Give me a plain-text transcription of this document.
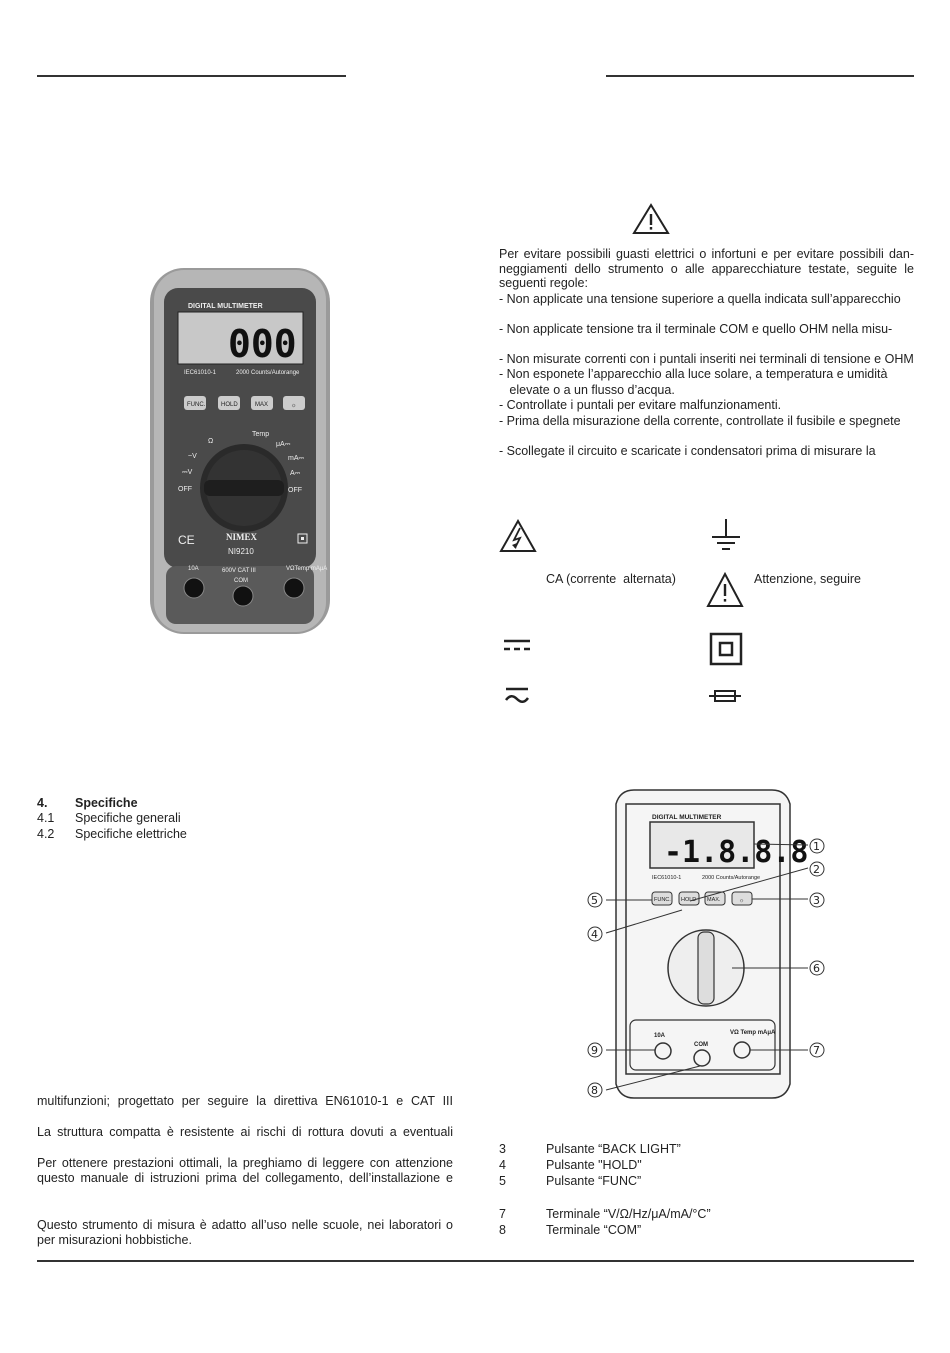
DIGITAL MULTIMETER
000
IEC61010-1	2000 Counts/Autorange
FUNC.	HOLD	MAX	☼
Ω
~V
⎓V
OFF
Temp
μA⎓
mA⎓
A⎓
OFF
CE	NIMEX
NI9210
10A	600V CAT III
COM
VΩTemp mAμA
Per evitare possibili guasti elettrici o infortuni e per evitare possibili dan-
neggiamenti dello strumento o alle apparecchiature testate, seguite le
seguenti regole:
- Non applicate una tensione superiore a quella indicata sull’apparecchio
- Non applicate tensione tra il terminale COM e quello OHM nella misu-
- Non misurate correnti con i puntali inseriti nei terminali di tensione e OHM
- Non esponete l’apparecchio alla luce solare, a temperatura e umidità
elevate o a un flusso d’acqua.
- Controllate i puntali per evitare malfunzionamenti.
- Prima della misurazione della corrente, controllate il fusibile e spegnete
- Scollegate il circuito e scaricate i condensatori prima di misurare la
CA (corrente  alternata)	Attenzione, seguire
4.	Specifiche
4.1	Specifiche generali
4.2	Specifiche elettriche
multifunzioni; progettato per seguire la direttiva EN61010-1 e CAT III
La struttura compatta è resistente ai rischi di rottura dovuti a eventuali
Per ottenere prestazioni ottimali, la preghiamo di leggere con attenzione
questo manuale di istruzioni prima del collegamento, dell’installazione e
Questo strumento di misura è adatto all’uso nelle scuole, nei laboratori o
per misurazioni hobbistiche.
DIGITAL MULTIMETER
-1.8.8.8
IEC61010-1	2000 Counts/Autorange
FUNC. HOLD MAX.	☼
10A
COM
VΩ Temp mAμA
1
2
3
4
5
6
7
8
9
3	Pulsante “BACK LIGHT”
4	Pulsante "HOLD"
5	Pulsante “FUNC”
7	Terminale “V/Ω/Hz/μA/mA/°C”
8	Terminale “COM”
